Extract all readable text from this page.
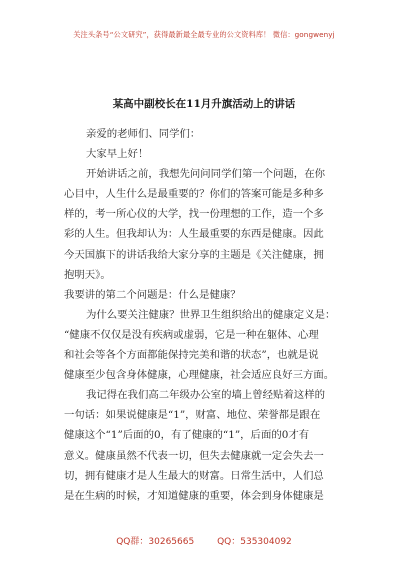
关注头条号“公文研究”，获得最新最全最专业的公文资料库！ 微信：gongwenyj
某高中副校长在11月升旗活动上的讲话

亲爱的老师们、同学们：

大家早上好！

开始讲话之前，我想先问问同学们第一个问题，在你

心目中，人生什么是最重要的？你们的答案可能是多种多

样的，考一所心仪的大学，找一份理想的工作，造一个多

彩的人生。但我却认为：人生最重要的东西是健康。因此

今天国旗下的讲话我给大家分享的主题是《关注健康，拥

抱明天》。

我要讲的第二个问题是：什么是健康？

为什么要关注健康？世界卫生组织给出的健康定义是：

“健康不仅仅是没有疾病或虚弱，它是一种在躯体、心理

和社会等各个方面都能保持完美和谐的状态”，也就是说

健康至少包含身体健康，心理健康，社会适应良好三方面。

我记得在我们高二年级办公室的墙上曾经贴着这样的

一句话：如果说健康是“1”，财富、地位、荣誉都是跟在

健康这个“1”后面的0，有了健康的“1”，后面的0才有

意义。健康虽然不代表一切，但失去健康就一定会失去一

切，拥有健康才是人生最大的财富。日常生活中，人们总

是在生病的时候，才知道健康的重要，体会到身体健康是

QQ群：30265665	QQ：535304092
